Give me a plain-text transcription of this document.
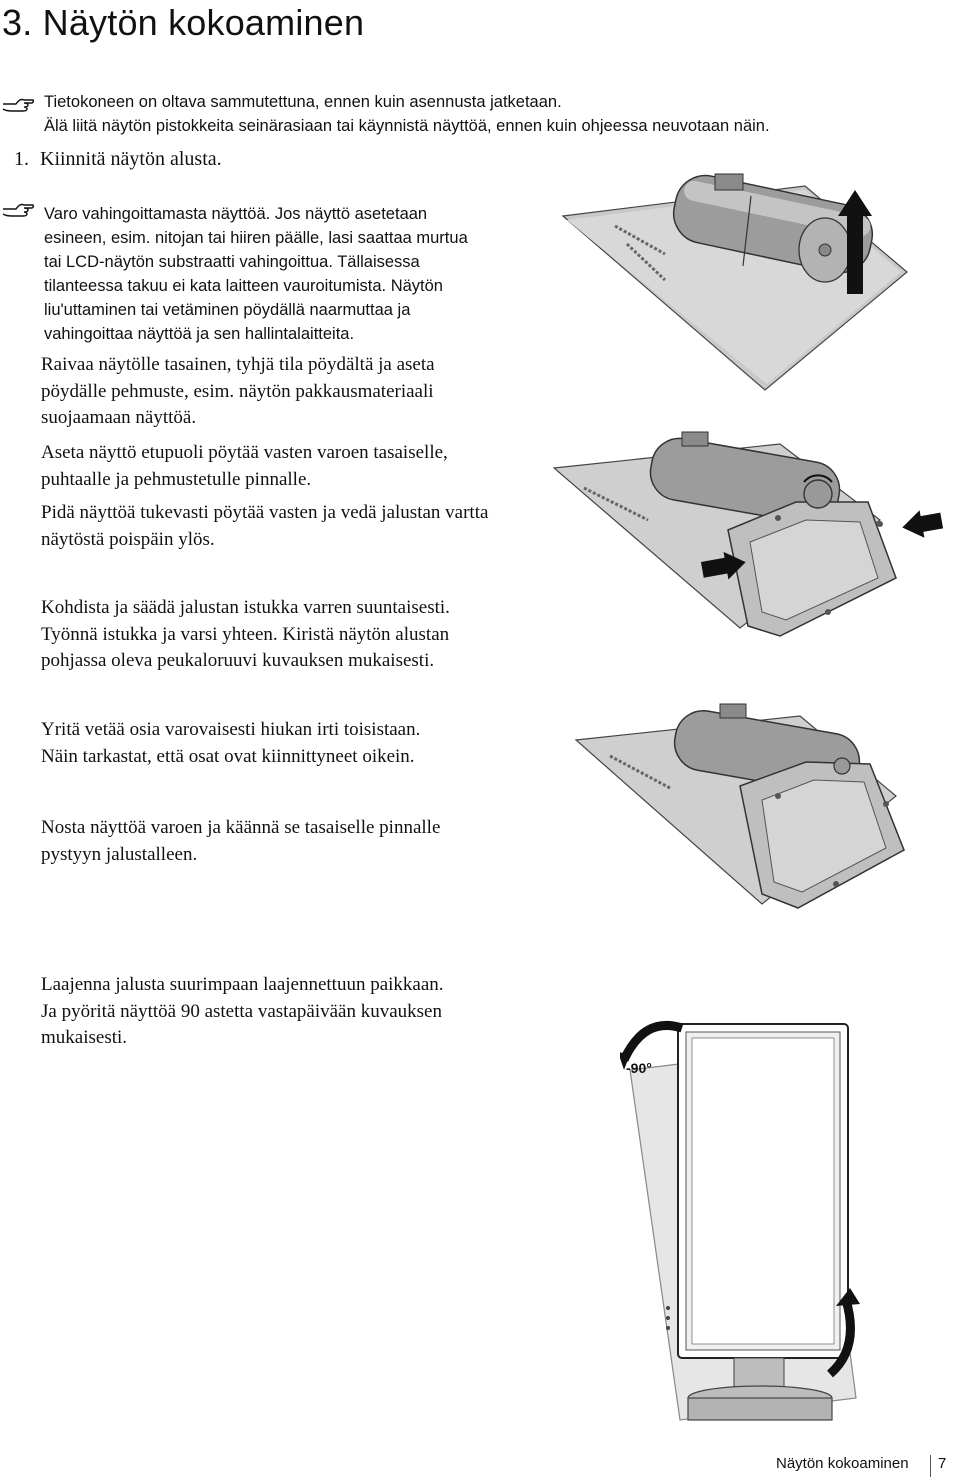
3. Näytön kokoaminen
Tietokoneen on oltava sammutettuna, ennen kuin asennusta jatketaan.
Älä liitä näytön pistokkeita seinärasiaan tai käynnistä näyttöä, ennen kuin ohjeessa neuvotaan näin.
1. Kiinnitä näytön alusta.
Varo vahingoittamasta näyttöä. Jos näyttö asetetaan
esineen, esim. nitojan tai hiiren päälle, lasi saattaa murtua
tai LCD-näytön substraatti vahingoittua. Tällaisessa
tilanteessa takuu ei kata laitteen vauroitumista. Näytön
liu'uttaminen tai vetäminen pöydällä naarmuttaa ja
vahingoittaa näyttöä ja sen hallintalaitteita.
Raivaa näytölle tasainen, tyhjä tila pöydältä ja aseta
pöydälle pehmuste, esim. näytön pakkausmateriaali
suojaamaan näyttöä.
Aseta näyttö etupuoli pöytää vasten varoen tasaiselle,
puhtaalle ja pehmustetulle pinnalle.
Pidä näyttöä tukevasti pöytää vasten ja vedä jalustan vartta
näytöstä poispäin ylös.
Kohdista ja säädä jalustan istukka varren suuntaisesti.
Työnnä istukka ja varsi yhteen. Kiristä näytön alustan
pohjassa oleva peukaloruuvi kuvauksen mukaisesti.
Yritä vetää osia varovaisesti hiukan irti toisistaan.
Näin tarkastat, että osat ovat kiinnittyneet oikein.
Nosta näyttöä varoen ja käännä se tasaiselle pinnalle
pystyyn jalustalleen.
Laajenna jalusta suurimpaan laajennettuun paikkaan.
Ja pyöritä näyttöä 90 astetta vastapäivään kuvauksen
mukaisesti.
-90°
Näytön kokoaminen 7
